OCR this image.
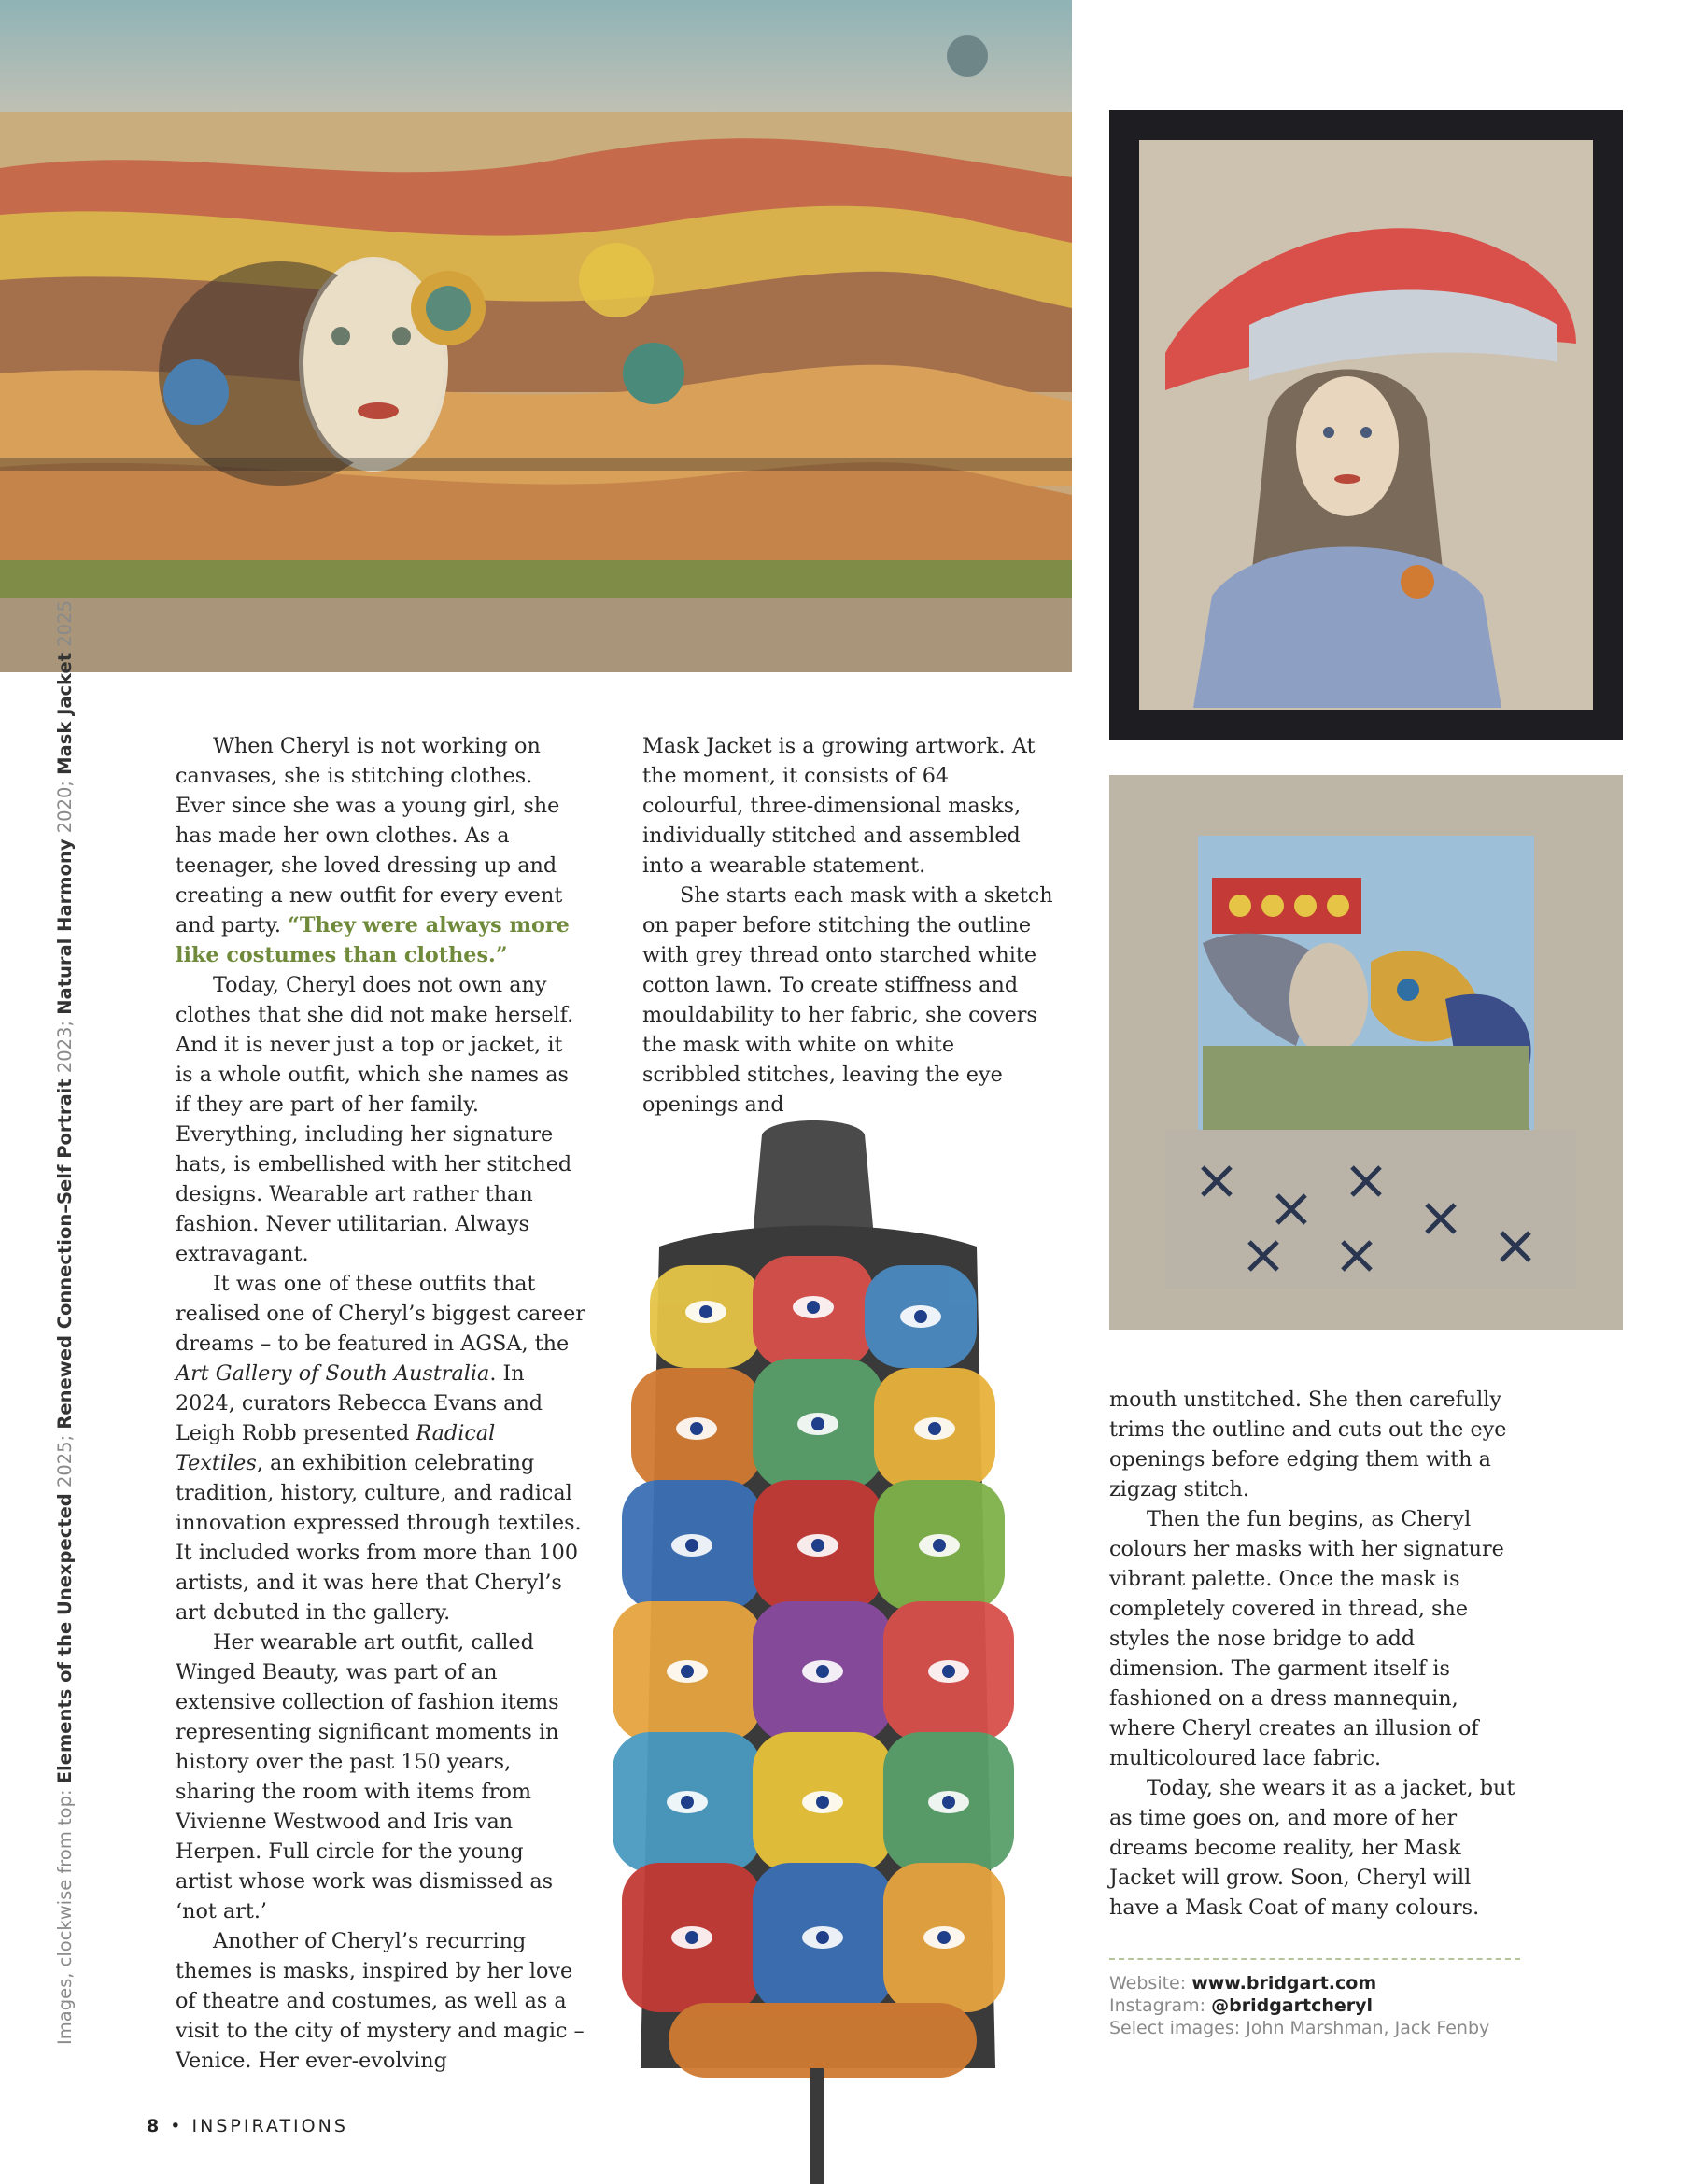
Images, clockwise from top: Elements of the Unexpected 2025; Renewed Connection–Self Portrait 2023; Natural Harmony 2020; Mask Jacket 2025

When Cheryl is not working on canvases, she is stitching clothes. Ever since she was a young girl, she has made her own clothes. As a teenager, she loved dressing up and creating a new outfit for every event and party. “They were always more like costumes than clothes.”

Today, Cheryl does not own any clothes that she did not make herself. And it is never just a top or jacket, it is a whole outfit, which she names as if they are part of her family. Everything, including her signature hats, is embellished with her stitched designs. Wearable art rather than fashion. Never utilitarian. Always extravagant.

It was one of these outfits that realised one of Cheryl’s biggest career dreams – to be featured in AGSA, the Art Gallery of South Australia. In 2024, curators Rebecca Evans and Leigh Robb presented Radical Textiles, an exhibition celebrating tradition, history, culture, and radical innovation expressed through textiles. It included works from more than 100 artists, and it was here that Cheryl’s art debuted in the gallery.

Her wearable art outfit, called Winged Beauty, was part of an extensive collection of fashion items representing significant moments in history over the past 150 years, sharing the room with items from Vivienne Westwood and Iris van Herpen. Full circle for the young artist whose work was dismissed as ‘not art.’

Another of Cheryl’s recurring themes is masks, inspired by her love of theatre and costumes, as well as a visit to the city of mystery and magic – Venice. Her ever-evolving

Mask Jacket is a growing artwork. At the moment, it consists of 64 colourful, three-dimensional masks, individually stitched and assembled into a wearable statement.

She starts each mask with a sketch on paper before stitching the outline with grey thread onto starched white cotton lawn. To create stiffness and mouldability to her fabric, she covers the mask with white on white scribbled stitches, leaving the eye openings and

mouth unstitched. She then carefully trims the outline and cuts out the eye openings before edging them with a zigzag stitch.

Then the fun begins, as Cheryl colours her masks with her signature vibrant palette. Once the mask is completely covered in thread, she styles the nose bridge to add dimension. The garment itself is fashioned on a dress mannequin, where Cheryl creates an illusion of multicoloured lace fabric.

Today, she wears it as a jacket, but as time goes on, and more of her dreams become reality, her Mask Jacket will grow. Soon, Cheryl will have a Mask Coat of many colours.

Website: www.bridgart.com
Instagram: @bridgartcheryl
Select images: John Marshman, Jack Fenby
8 • INSPIRATIONS
